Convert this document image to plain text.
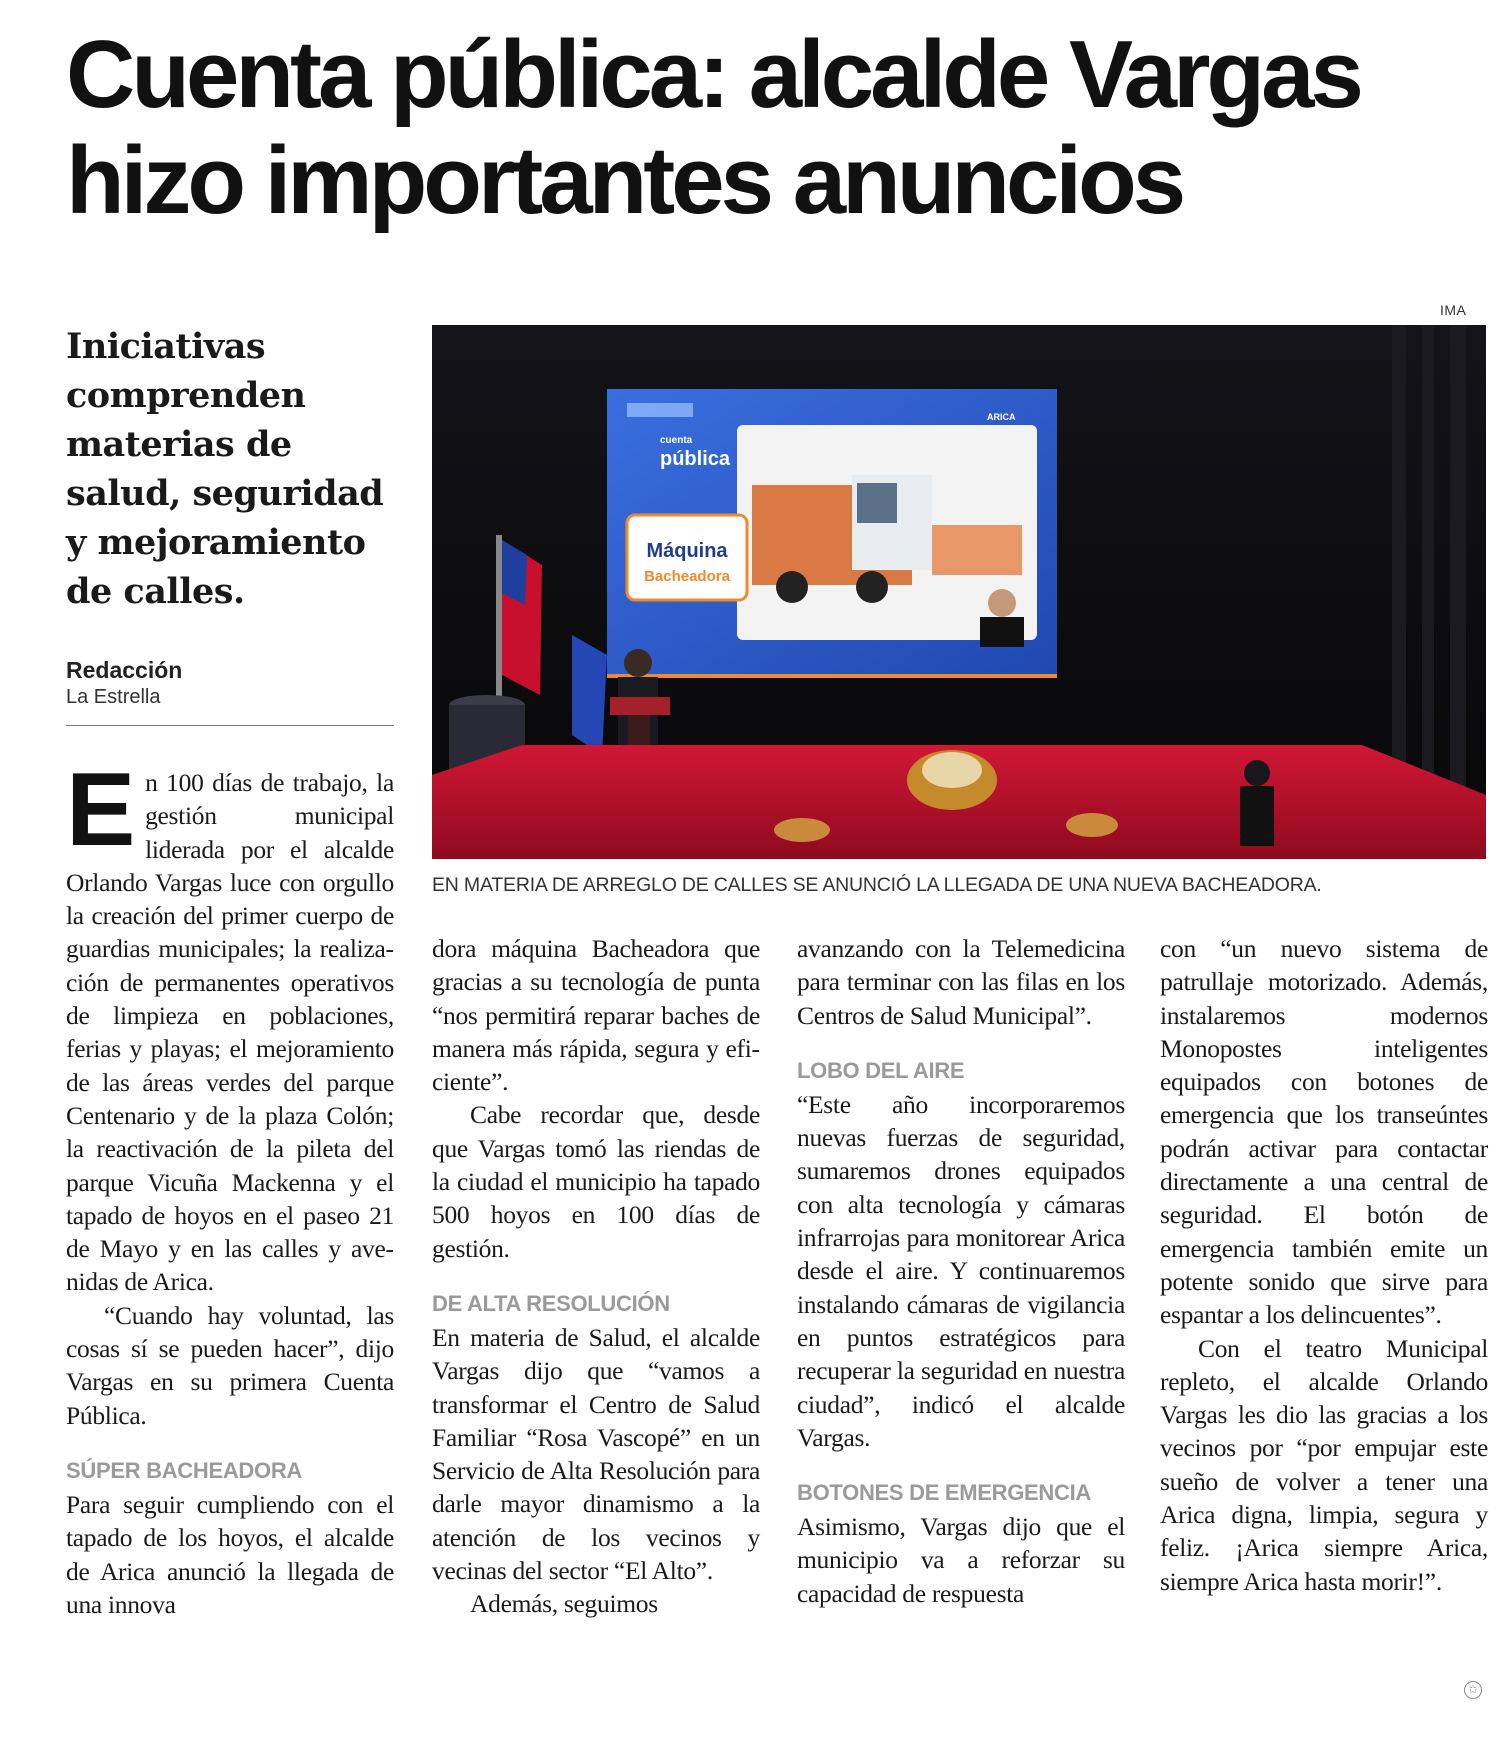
Cuenta pública: alcalde Vargas hizo importantes anuncios
IMA
Iniciativas comprenden materias de salud, seguridad y mejoramiento de calles.
Redacción
La Estrella
Máquina
Bacheadora
cuenta
pública
ARICA
EN MATERIA DE ARREGLO DE CALLES SE ANUNCIÓ LA LLEGADA DE UNA NUEVA BACHEADORA.

En 100 días de trabajo, la gestión municipal liderada por el alcalde Orlando Vargas luce con orgullo la creación del primer cuerpo de guardias municipales; la realización de permanentes operativos de limpieza en poblaciones, ferias y playas; el mejoramiento de las áreas verdes del parque Centenario y de la plaza Colón; la reactivación de la pileta del parque Vicuña Mackenna y el tapado de hoyos en el paseo 21 de Mayo y en las calles y avenidas de Arica.

“Cuando hay voluntad, las cosas sí se pueden hacer”, dijo Vargas en su primera Cuenta Pública.

SÚPER BACHEADORA

Para seguir cumpliendo con el tapado de los hoyos, el alcalde de Arica anunció la llegada de una innova

dora máquina Bacheadora que gracias a su tecnología de punta “nos permitirá reparar baches de manera más rápida, segura y eficiente”.

Cabe recordar que, desde que Vargas tomó las riendas de la ciudad el municipio ha tapado 500 hoyos en 100 días de gestión.

DE ALTA RESOLUCIÓN

En materia de Salud, el alcalde Vargas dijo que “vamos a transformar el Centro de Salud Familiar “Rosa Vascopé” en un Servicio de Alta Resolución para darle mayor dinamismo a la atención de los vecinos y vecinas del sector “El Alto”.

Además, seguimos

avanzando con la Telemedicina para terminar con las filas en los Centros de Salud Municipal”.

LOBO DEL AIRE

“Este año incorporaremos nuevas fuerzas de seguridad, sumaremos drones equipados con alta tecnología y cámaras infrarrojas para monitorear Arica desde el aire. Y continuaremos instalando cámaras de vigilancia en puntos estratégicos para recuperar la seguridad en nuestra ciudad”, indicó el alcalde Vargas.

BOTONES DE EMERGENCIA

Asimismo, Vargas dijo que el municipio va a reforzar su capacidad de respuesta

con “un nuevo sistema de patrullaje motorizado. Además, instalaremos modernos Monopostes inteligentes equipados con botones de emergencia que los transeúntes podrán activar para contactar directamente a una central de seguridad. El botón de emergencia también emite un potente sonido que sirve para espantar a los delincuentes”.

Con el teatro Municipal repleto, el alcalde Orlando Vargas les dio las gracias a los vecinos por “por empujar este sueño de volver a tener una Arica digna, limpia, segura y feliz. ¡Arica siempre Arica, siempre Arica hasta morir!”.

✩
